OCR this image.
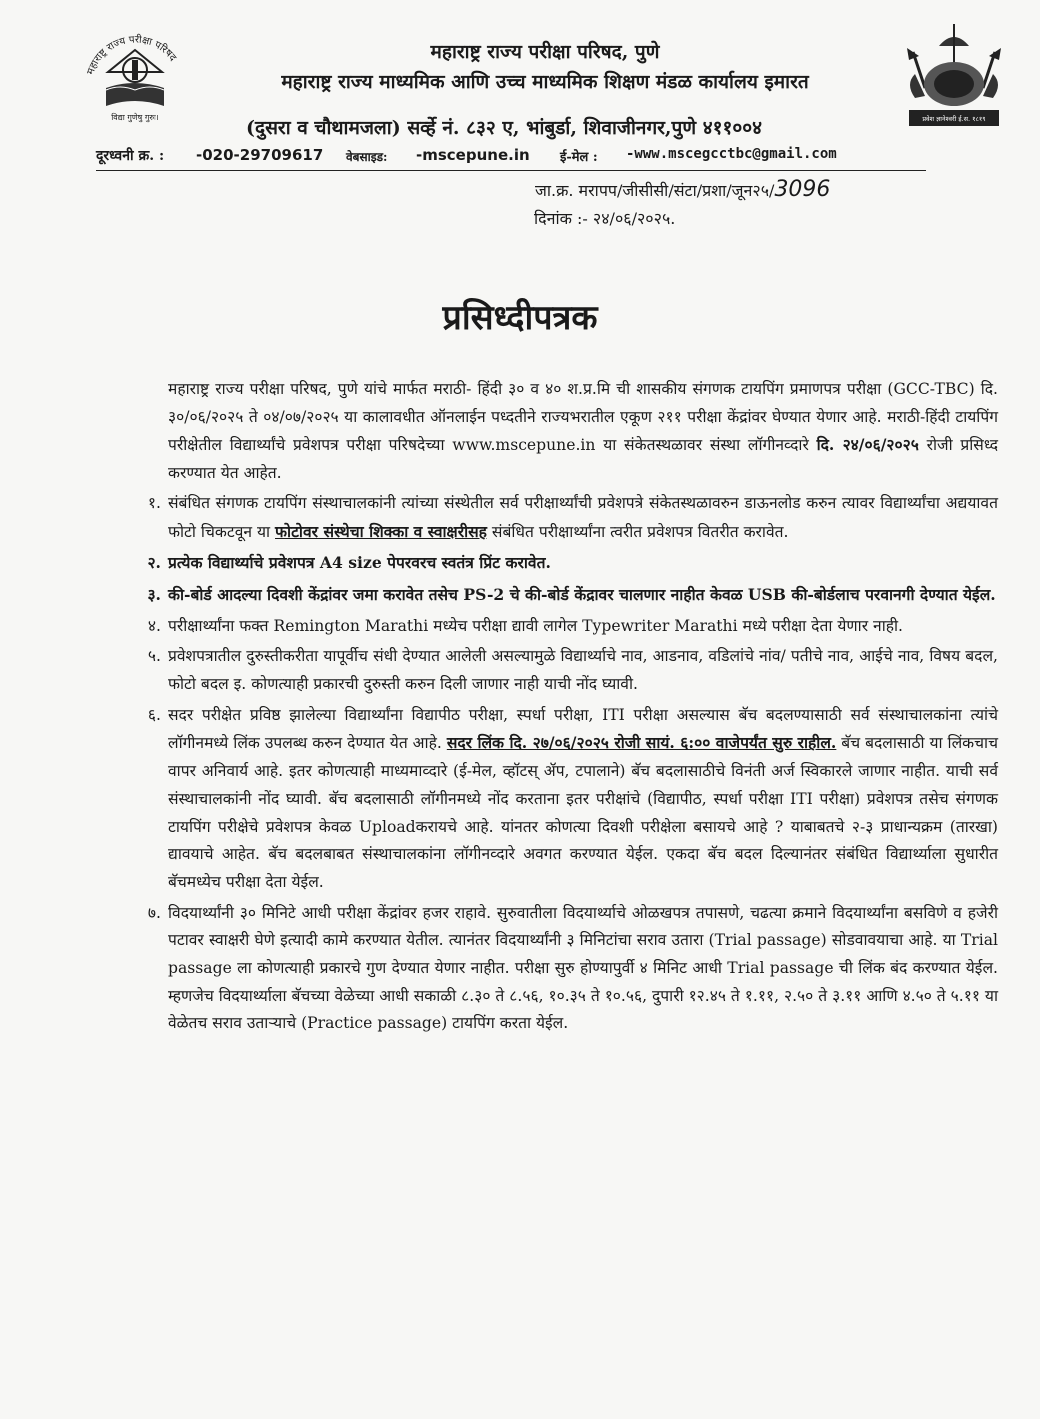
महाराष्ट्र राज्य परीक्षा परिषद
विद्या गुणेषु गुरुः।	प्रवेश ज्ञानेश्वरी ई.स. १८१९
महाराष्ट्र राज्य परीक्षा परिषद, पुणे
महाराष्ट्र राज्य माध्यमिक आणि उच्च माध्यमिक शिक्षण मंडळ कार्यालय इमारत
(दुसरा व चौथामजला) सर्व्हे नं. ८३२ ए, भांबुर्डा, शिवाजीनगर,पुणे ४११००४
दूरध्वनी क्र. : -020-29709617 वेबसाइड: -mscepune.in ई-मेल : -www.mscegcctbc@gmail.com
जा.क्र. मरापप/जीसीसी/संटा/प्रशा/जून२५/3096
दिनांक :- २४/०६/२०२५.
प्रसिध्दीपत्रक

महाराष्ट्र राज्य परीक्षा परिषद, पुणे यांचे मार्फत मराठी- हिंदी ३० व ४० श.प्र.मि ची शासकीय संगणक टायपिंग प्रमाणपत्र परीक्षा (GCC-TBC) दि. ३०/०६/२०२५ ते ०४/०७/२०२५ या कालावधीत ऑनलाईन पध्दतीने राज्यभरातील एकूण २११ परीक्षा केंद्रांवर घेण्यात येणार आहे. मराठी-हिंदी टायपिंग परीक्षेतील विद्यार्थ्यांचे प्रवेशपत्र परीक्षा परिषदेच्या www.mscepune.in या संकेतस्थळावर संस्था लॉगीनव्दारे दि. २४/०६/२०२५ रोजी प्रसिध्द करण्यात येत आहेत.

१. संबंधित संगणक टायपिंग संस्थाचालकांनी त्यांच्या संस्थेतील सर्व परीक्षार्थ्यांची प्रवेशपत्रे संकेतस्थळावरुन डाऊनलोड करुन त्यावर विद्यार्थ्यांचा अद्ययावत फोटो चिकटवून या फोटोवर संस्थेचा शिक्का व स्वाक्षरीसह संबंधित परीक्षार्थ्यांना त्वरीत प्रवेशपत्र वितरीत करावेत.
२. प्रत्येक विद्यार्थ्याचे प्रवेशपत्र A4 size पेपरवरच स्वतंत्र प्रिंट करावेत.
३. की-बोर्ड आदल्या दिवशी केंद्रांवर जमा करावेत तसेच PS-2 चे की-बोर्ड केंद्रावर चालणार नाहीत केवळ USB की-बोर्डलाच परवानगी देण्यात येईल.
४. परीक्षार्थ्यांना फक्त Remington Marathi मध्येच परीक्षा द्यावी लागेल Typewriter Marathi मध्ये परीक्षा देता येणार नाही.
५. प्रवेशपत्रातील दुरुस्तीकरीता यापूर्वीच संधी देण्यात आलेली असल्यामुळे विद्यार्थ्याचे नाव, आडनाव, वडिलांचे नांव/ पतीचे नाव, आईचे नाव, विषय बदल, फोटो बदल इ. कोणत्याही प्रकारची दुरुस्ती करुन दिली जाणार नाही याची नोंद घ्यावी.
६. सदर परीक्षेत प्रविष्ठ झालेल्या विद्यार्थ्यांना विद्यापीठ परीक्षा, स्पर्धा परीक्षा, ITI परीक्षा असल्यास बॅच बदलण्यासाठी सर्व संस्थाचालकांना त्यांचे लॉगीनमध्ये लिंक उपलब्ध करुन देण्यात येत आहे. सदर लिंक दि. २७/०६/२०२५ रोजी सायं. ६:०० वाजेपर्यंत सुरु राहील. बॅच बदलासाठी या लिंकचाच वापर अनिवार्य आहे. इतर कोणत्याही माध्यमाव्दारे (ई-मेल, व्हॉटस् ॲप, टपालाने) बॅच बदलासाठीचे विनंती अर्ज स्विकारले जाणार नाहीत. याची सर्व संस्थाचालकांनी नोंद घ्यावी. बॅच बदलासाठी लॉगीनमध्ये नोंद करताना इतर परीक्षांचे (विद्यापीठ, स्पर्धा परीक्षा ITI परीक्षा) प्रवेशपत्र तसेच संगणक टायपिंग परीक्षेचे प्रवेशपत्र केवळ Uploadकरायचे आहे. यांनतर कोणत्या दिवशी परीक्षेला बसायचे आहे ? याबाबतचे २-३ प्राधान्यक्रम (तारखा) द्यावयाचे आहेत. बॅच बदलबाबत संस्थाचालकांना लॉगीनव्दारे अवगत करण्यात येईल. एकदा बॅच बदल दिल्यानंतर संबंधित विद्यार्थ्याला सुधारीत बॅचमध्येच परीक्षा देता येईल.
७. विदयार्थ्यांनी ३० मिनिटे आधी परीक्षा केंद्रांवर हजर राहावे. सुरुवातीला विदयार्थ्याचे ओळखपत्र तपासणे, चढत्या क्रमाने विदयार्थ्यांना बसविणे व हजेरी पटावर स्वाक्षरी घेणे इत्यादी कामे करण्यात येतील. त्यानंतर विदयार्थ्यांनी ३ मिनिटांचा सराव उतारा (Trial passage) सोडवावयाचा आहे. या Trial passage ला कोणत्याही प्रकारचे गुण देण्यात येणार नाहीत. परीक्षा सुरु होण्यापुर्वी ४ मिनिट आधी Trial passage ची लिंक बंद करण्यात येईल. म्हणजेच विदयार्थ्याला बॅचच्या वेळेच्या आधी सकाळी ८.३० ते ८.५६, १०.३५ ते १०.५६, दुपारी १२.४५ ते १.११, २.५० ते ३.११ आणि ४.५० ते ५.११ या वेळेतच सराव उताऱ्याचे (Practice passage) टायपिंग करता येईल.
